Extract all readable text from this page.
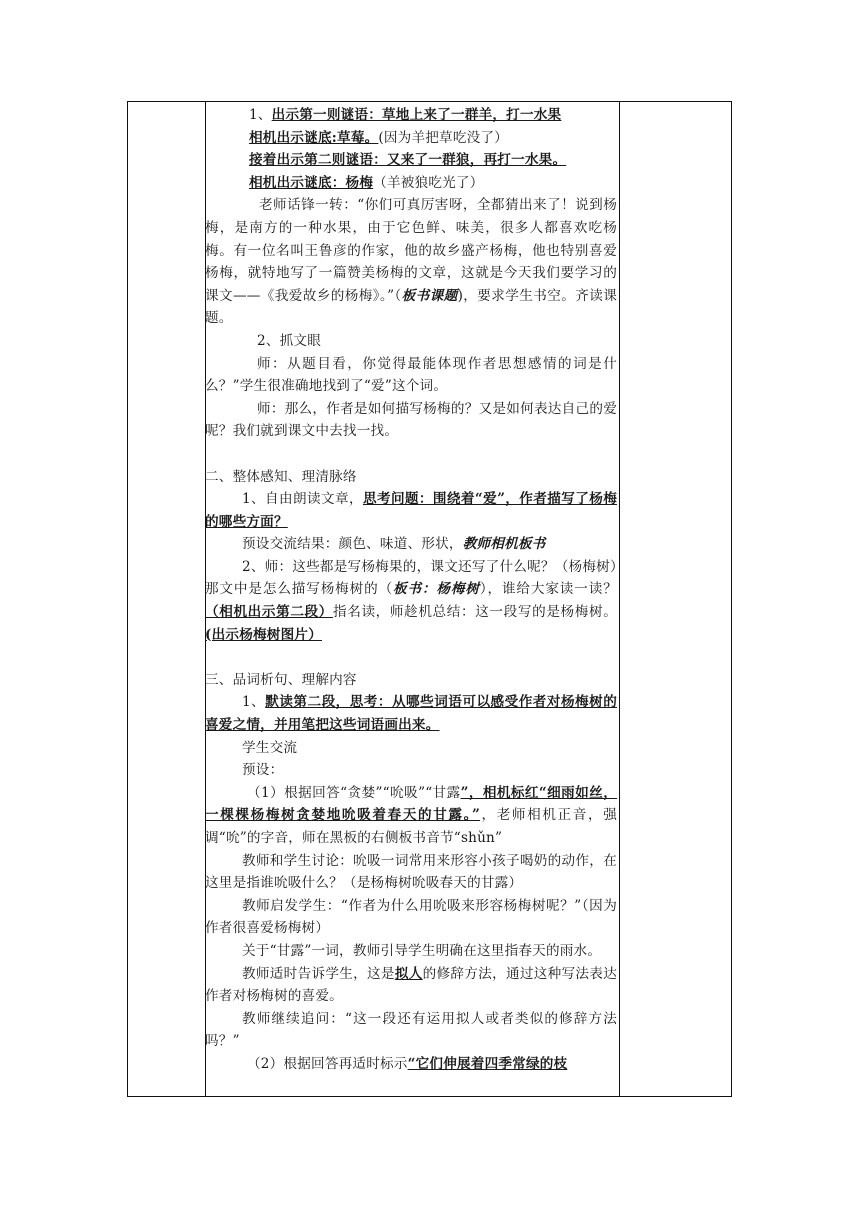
1、出示第一则谜语：草地上来了一群羊，打一水果

相机出示谜底:草莓。(因为羊把草吃没了）

接着出示第二则谜语：又来了一群狼，再打一水果。

相机出示谜底：杨梅（羊被狼吃光了）

老师话锋一转：“你们可真厉害呀，全都猜出来了！说到杨梅，是南方的一种水果，由于它色鲜、味美，很多人都喜欢吃杨梅。有一位名叫王鲁彦的作家，他的故乡盛产杨梅，他也特别喜爱杨梅，就特地写了一篇赞美杨梅的文章，这就是今天我们要学习的课文——《我爱故乡的杨梅》。”（板书课题)，要求学生书空。齐读课题。

2、抓文眼

师：从题目看，你觉得最能体现作者思想感情的词是什么？”学生很准确地找到了“爱”这个词。

师：那么，作者是如何描写杨梅的？又是如何表达自己的爱呢？我们就到课文中去找一找。

二、整体感知、理清脉络

1、自由朗读文章，思考问题：围绕着“爱”，作者描写了杨梅的哪些方面？

预设交流结果：颜色、味道、形状，教师相机板书

2、师：这些都是写杨梅果的，课文还写了什么呢？（杨梅树）那文中是怎么描写杨梅树的（板书：杨梅树），谁给大家读一读？（相机出示第二段）指名读，师趁机总结：这一段写的是杨梅树。(出示杨梅树图片）

三、品词析句、理解内容

1、默读第二段，思考：从哪些词语可以感受作者对杨梅树的喜爱之情，并用笔把这些词语画出来。

学生交流

预设：

（1）根据回答“贪婪”“吮吸”“甘露”，相机标红“细雨如丝，一棵棵杨梅树贪婪地吮吸着春天的甘露。”，老师相机正音，强调“吮”的字音，师在黑板的右侧板书音节“shǔn”

教师和学生讨论：吮吸一词常用来形容小孩子喝奶的动作，在这里是指谁吮吸什么？（是杨梅树吮吸春天的甘露）

教师启发学生：“作者为什么用吮吸来形容杨梅树呢？”（因为作者很喜爱杨梅树）

关于“甘露”一词，教师引导学生明确在这里指春天的雨水。

教师适时告诉学生，这是拟人的修辞方法，通过这种写法表达作者对杨梅树的喜爱。

教师继续追问：“这一段还有运用拟人或者类似的修辞方法吗？”

（2）根据回答再适时标示“它们伸展着四季常绿的枝
